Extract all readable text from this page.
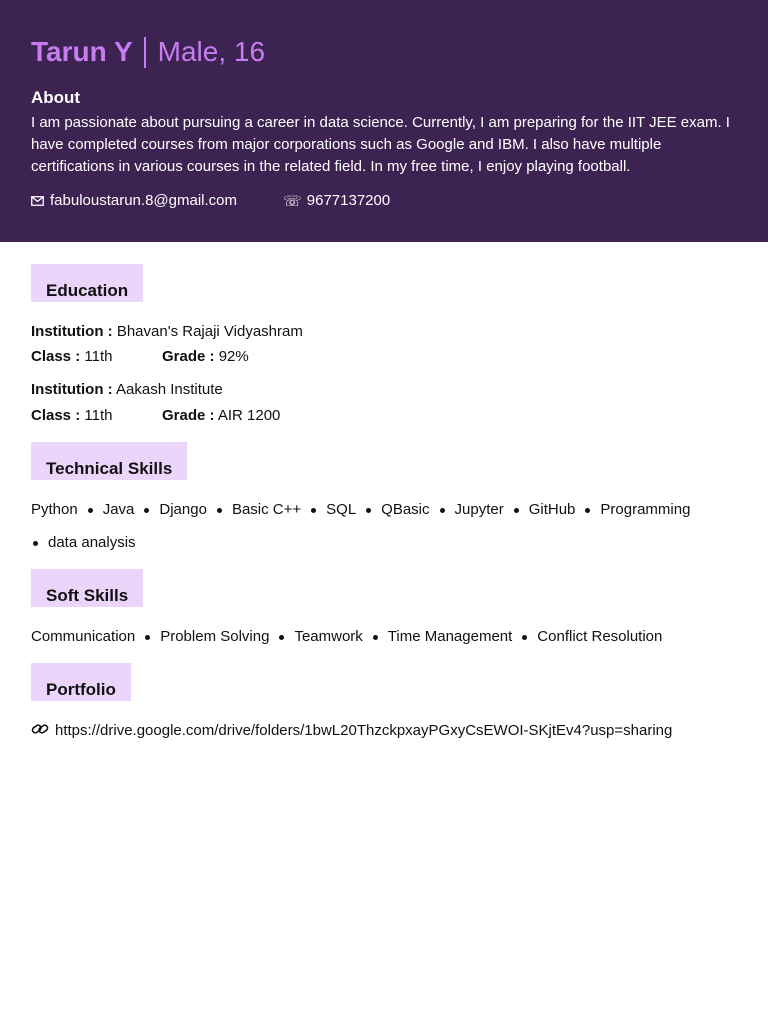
Tarun Y Male, 16
About
I am passionate about pursuing a career in data science. Currently, I am preparing for the IIT JEE exam. I have completed courses from major corporations such as Google and IBM. I also have multiple certifications in various courses in the related field. In my free time, I enjoy playing football.
fabuloustarun.8@gmail.com	☏ 9677137200
Education
Institution : Bhavan's Rajaji Vidyashram
Class : 11th	Grade : 92%
Institution : Aakash Institute
Class : 11th	Grade : AIR 1200
Technical Skills
Python Java Django Basic C++ SQL QBasic Jupyter GitHub Programming
data analysis
Soft Skills
Communication Problem Solving Teamwork Time Management Conflict Resolution
Portfolio
https://drive.google.com/drive/folders/1bwL20ThzckpxayPGxyCsEWOI-SKjtEv4?usp=sharing
